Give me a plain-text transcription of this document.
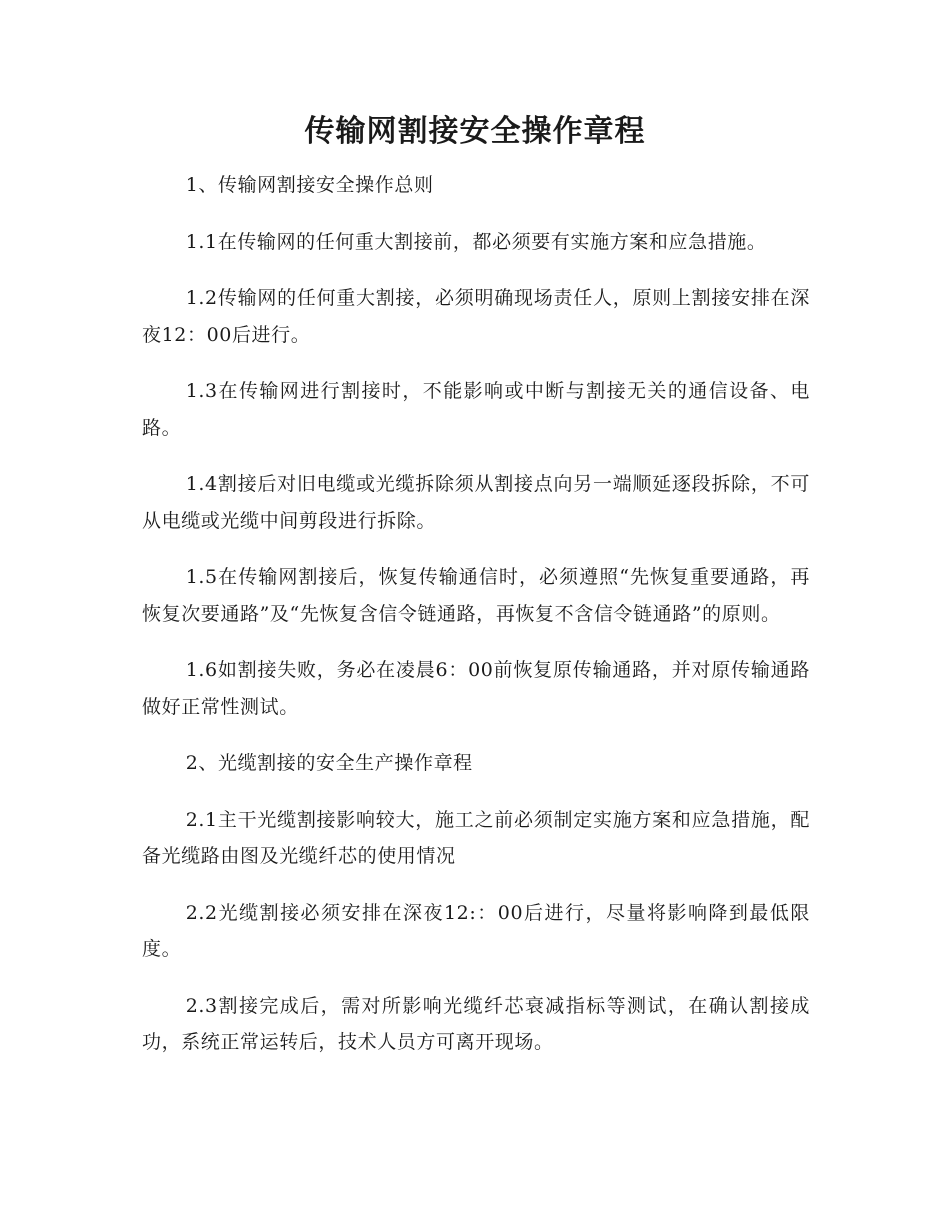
传输网割接安全操作章程

1、传输网割接安全操作总则

1.1在传输网的任何重大割接前，都必须要有实施方案和应急措施。

1.2传输网的任何重大割接，必须明确现场责任人，原则上割接安排在深夜12：00后进行。

1.3在传输网进行割接时，不能影响或中断与割接无关的通信设备、电路。

1.4割接后对旧电缆或光缆拆除须从割接点向另一端顺延逐段拆除，不可从电缆或光缆中间剪段进行拆除。

1.5在传输网割接后，恢复传输通信时，必须遵照“先恢复重要通路，再恢复次要通路”及“先恢复含信令链通路，再恢复不含信令链通路”的原则。

1.6如割接失败，务必在凌晨6：00前恢复原传输通路，并对原传输通路做好正常性测试。

2、光缆割接的安全生产操作章程

2.1主干光缆割接影响较大，施工之前必须制定实施方案和应急措施，配备光缆路由图及光缆纤芯的使用情况

2.2光缆割接必须安排在深夜12:：00后进行，尽量将影响降到最低限度。

2.3割接完成后，需对所影响光缆纤芯衰减指标等测试，在确认割接成功，系统正常运转后，技术人员方可离开现场。
